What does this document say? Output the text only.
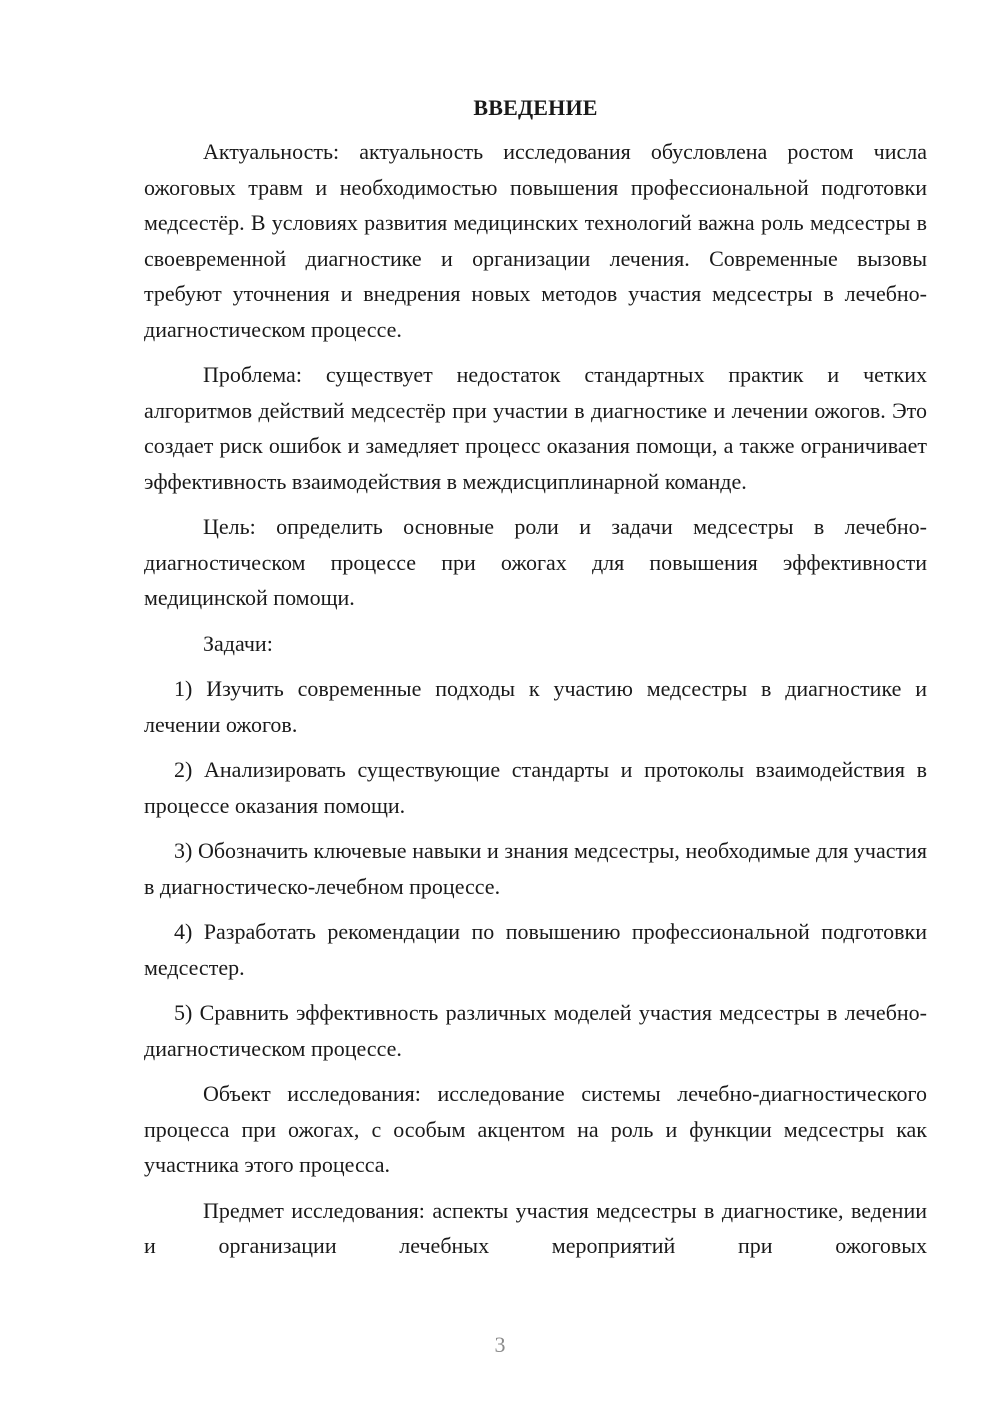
ВВЕДЕНИЕ

Актуальность: актуальность исследования обусловлена ростом числа ожоговых травм и необходимостью повышения профессиональной подготовки медсестёр. В условиях развития медицинских технологий важна роль медсестры в своевременной диагностике и организации лечения. Современные вызовы требуют уточнения и внедрения новых методов участия медсестры в лечебно-диагностическом процессе.

Проблема: существует недостаток стандартных практик и четких алгоритмов действий медсестёр при участии в диагностике и лечении ожогов. Это создает риск ошибок и замедляет процесс оказания помощи, а также ограничивает эффективность взаимодействия в междисциплинарной команде.

Цель: определить основные роли и задачи медсестры в лечебно-диагностическом процессе при ожогах для повышения эффективности медицинской помощи.

Задачи:

1) Изучить современные подходы к участию медсестры в диагностике и лечении ожогов.

2) Анализировать существующие стандарты и протоколы взаимодействия в процессе оказания помощи.

3) Обозначить ключевые навыки и знания медсестры, необходимые для участия в диагностическо-лечебном процессе.

4) Разработать рекомендации по повышению профессиональной подготовки медсестер.

5) Сравнить эффективность различных моделей участия медсестры в лечебно-диагностическом процессе.

Объект исследования: исследование системы лечебно-диагностического процесса при ожогах, с особым акцентом на роль и функции медсестры как участника этого процесса.

Предмет исследования: аспекты участия медсестры в диагностике, ведении и организации лечебных мероприятий при ожоговых

3
